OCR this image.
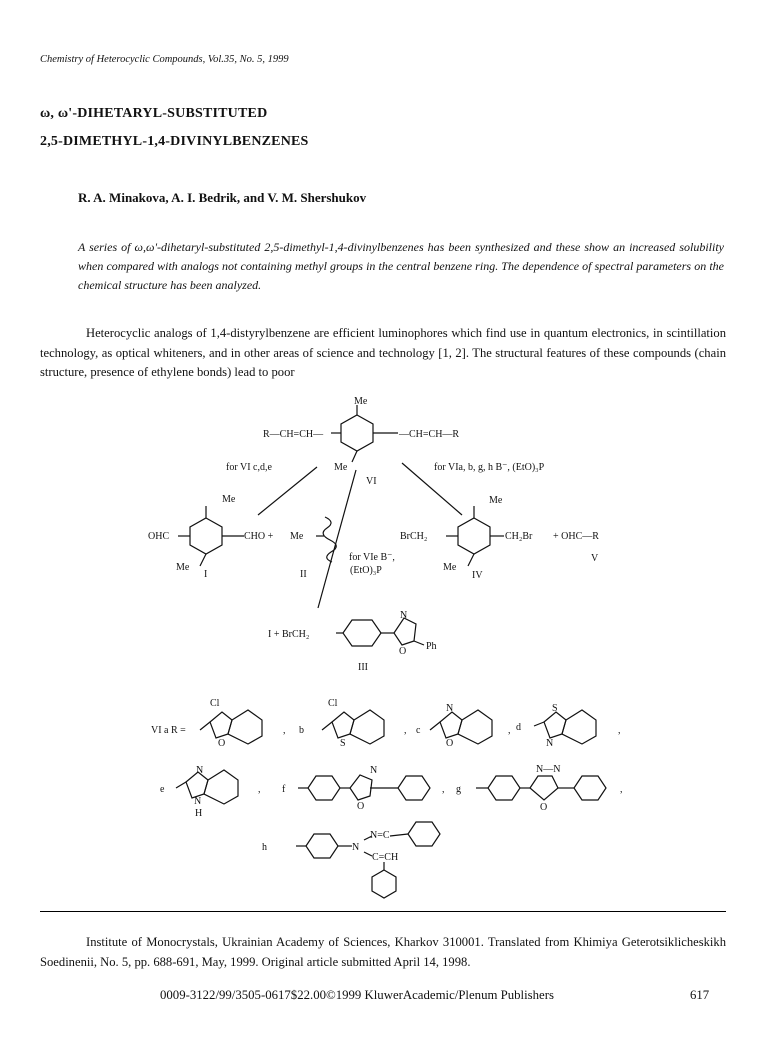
Chemistry of Heterocyclic Compounds, Vol.35, No. 5, 1999
ω, ω'-DIHETARYL-SUBSTITUTED
2,5-DIMETHYL-1,4-DIVINYLBENZENES
R. A. Minakova, A. I. Bedrik, and V. M. Shershukov

A series of ω,ω'-dihetaryl-substituted 2,5-dimethyl-1,4-divinylbenzenes has been synthesized and these show an increased solubility when compared with analogs not containing methyl groups in the central benzene ring. The dependence of spectral parameters on the chemical structure has been analyzed.

Heterocyclic analogs of 1,4-distyrylbenzene are efficient luminophores which find use in quantum electronics, in scintillation technology, as optical whiteners, and in other areas of science and technology [1, 2]. The structural features of these compounds (chain structure, presence of ethylene bonds) lead to poor

Me
R—CH=CH—	—CH=CH—R
for VI c,d,e	Me
VI
for VIa, b, g, h B⁻, (EtO)₃P
Me	Me
OHC	CHO + Me	BrCH₂	CH₂Br + OHC—R
for VIe B⁻,
(EtO)₃P
V
Me
I	II
Me
IV
I + BrCH₂
N
O Ph
III
Cl
VI a R =
O
, b
Cl
S
, c
N
O
, d
S
N
,
e
N
N
H
, f
N
O
, g
N—N
O
,
h	N
N=C
C=CH

Institute of Monocrystals, Ukrainian Academy of Sciences, Kharkov 310001. Translated from Khimiya Geterotsiklicheskikh Soedinenii, No. 5, pp. 688-691, May, 1999. Original article submitted April 14, 1998.

0009-3122/99/3505-0617$22.00©1999 KluwerAcademic/Plenum Publishers	617
